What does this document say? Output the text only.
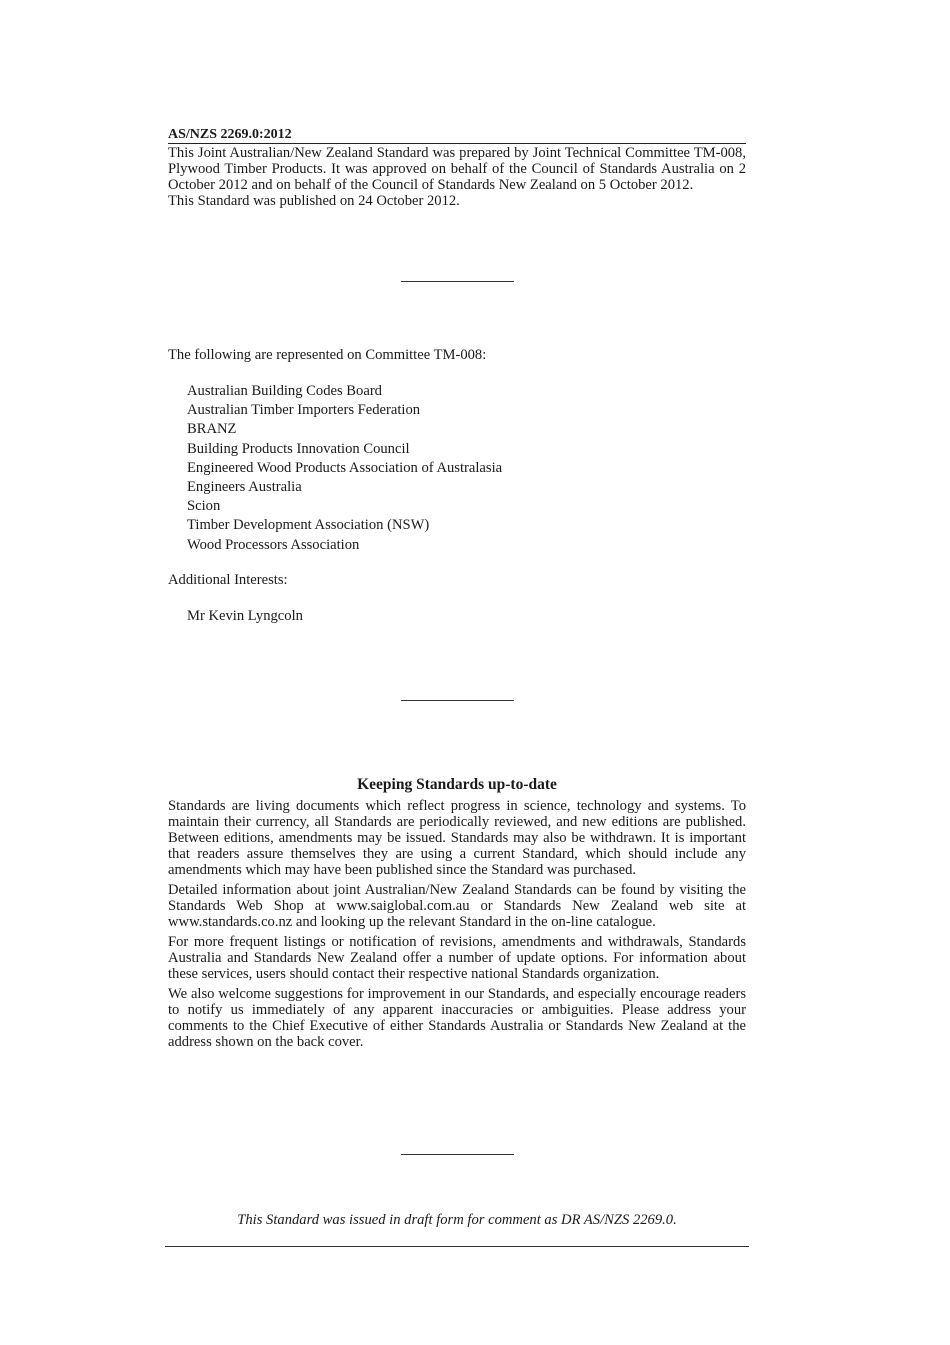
AS/NZS 2269.0:2012

This Joint Australian/New Zealand Standard was prepared by Joint Technical Committee TM-008, Plywood Timber Products. It was approved on behalf of the Council of Standards Australia on 2 October 2012 and on behalf of the Council of Standards New Zealand on 5 October 2012.

This Standard was published on 24 October 2012.

The following are represented on Committee TM-008:

Australian Building Codes Board
Australian Timber Importers Federation
BRANZ
Building Products Innovation Council
Engineered Wood Products Association of Australasia
Engineers Australia
Scion
Timber Development Association (NSW)
Wood Processors Association

Additional Interests:

Mr Kevin Lyngcoln
Keeping Standards up-to-date

Standards are living documents which reflect progress in science, technology and systems. To maintain their currency, all Standards are periodically reviewed, and new editions are published. Between editions, amendments may be issued. Standards may also be withdrawn. It is important that readers assure themselves they are using a current Standard, which should include any amendments which may have been published since the Standard was purchased.

Detailed information about joint Australian/New Zealand Standards can be found by visiting the Standards Web Shop at www.saiglobal.com.au or Standards New Zealand web site at www.standards.co.nz and looking up the relevant Standard in the on-line catalogue.

For more frequent listings or notification of revisions, amendments and withdrawals, Standards Australia and Standards New Zealand offer a number of update options. For information about these services, users should contact their respective national Standards organization.

We also welcome suggestions for improvement in our Standards, and especially encourage readers to notify us immediately of any apparent inaccuracies or ambiguities. Please address your comments to the Chief Executive of either Standards Australia or Standards New Zealand at the address shown on the back cover.

This Standard was issued in draft form for comment as DR AS/NZS 2269.0.
